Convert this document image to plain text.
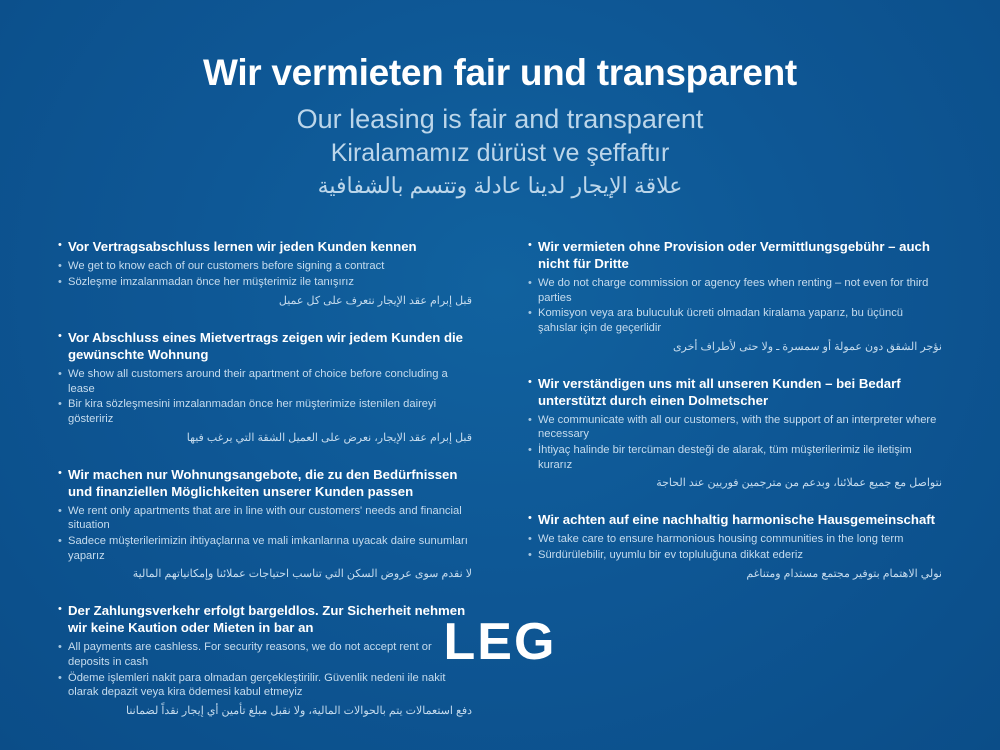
Wir vermieten fair und transparent
Our leasing is fair and transparent
Kiralamamız dürüst ve şeffaftır
علاقة الإيجار لدينا عادلة وتتسم بالشفافية
• Vor Vertragsabschluss lernen wir jeden Kunden kennen
• We get to know each of our customers before signing a contract
• Sözleşme imzalanmadan önce her müşterimiz ile tanışırız
قبل إبرام عقد الإيجار نتعرف على كل عميل
• Vor Abschluss eines Mietvertrags zeigen wir jedem Kunden die gewünschte Wohnung
• We show all customers around their apartment of choice before concluding a lease
• Bir kira sözleşmesini imzalanmadan önce her müşterimize istenilen daireyi gösteririz
قبل إبرام عقد الإيجار، نعرض على العميل الشقة التي يرغب فيها
• Wir machen nur Wohnungsangebote, die zu den Bedürfnissen und finanziellen Möglichkeiten unserer Kunden passen
• We rent only apartments that are in line with our customers' needs and financial situation
• Sadece müşterilerimizin ihtiyaçlarına ve mali imkanlarına uyacak daire sunumları yaparız
لا نقدم سوى عروض السكن التي تناسب احتياجات عملائنا وإمكانياتهم المالية
• Der Zahlungsverkehr erfolgt bargeldlos. Zur Sicherheit nehmen wir keine Kaution oder Mieten in bar an
• All payments are cashless. For security reasons, we do not accept rent or deposits in cash
• Ödeme işlemleri nakit para olmadan gerçekleştirilir. Güvenlik nedeni ile nakit olarak depazit veya kira ödemesi kabul etmeyiz
دفع استعمالات يتم بالحوالات المالية، ولا نقبل مبلغ تأمين أي إيجار نقداً لضماننا
• Wir vermieten ohne Provision oder Vermittlungsgebühr – auch nicht für Dritte
• We do not charge commission or agency fees when renting – not even for third parties
• Komisyon veya ara buluculuk ücreti olmadan kiralama yaparız, bu üçüncü şahıslar için de geçerlidir
نؤجر الشقق دون عمولة أو سمسرة ـ ولا حتى لأطراف أخرى
• Wir verständigen uns mit all unseren Kunden – bei Bedarf unterstützt durch einen Dolmetscher
• We communicate with all our customers, with the support of an interpreter where necessary
• İhtiyaç halinde bir tercüman desteği de alarak, tüm müşterilerimiz ile iletişim kurarız
نتواصل مع جميع عملائنا، وبدعم من مترجمين فوريين عند الحاجة
• Wir achten auf eine nachhaltig harmonische Hausgemeinschaft
• We take care to ensure harmonious housing communities in the long term
• Sürdürülebilir, uyumlu bir ev topluluğuna dikkat ederiz
نولي الاهتمام بتوفير مجتمع مستدام ومتناغم
LEG
